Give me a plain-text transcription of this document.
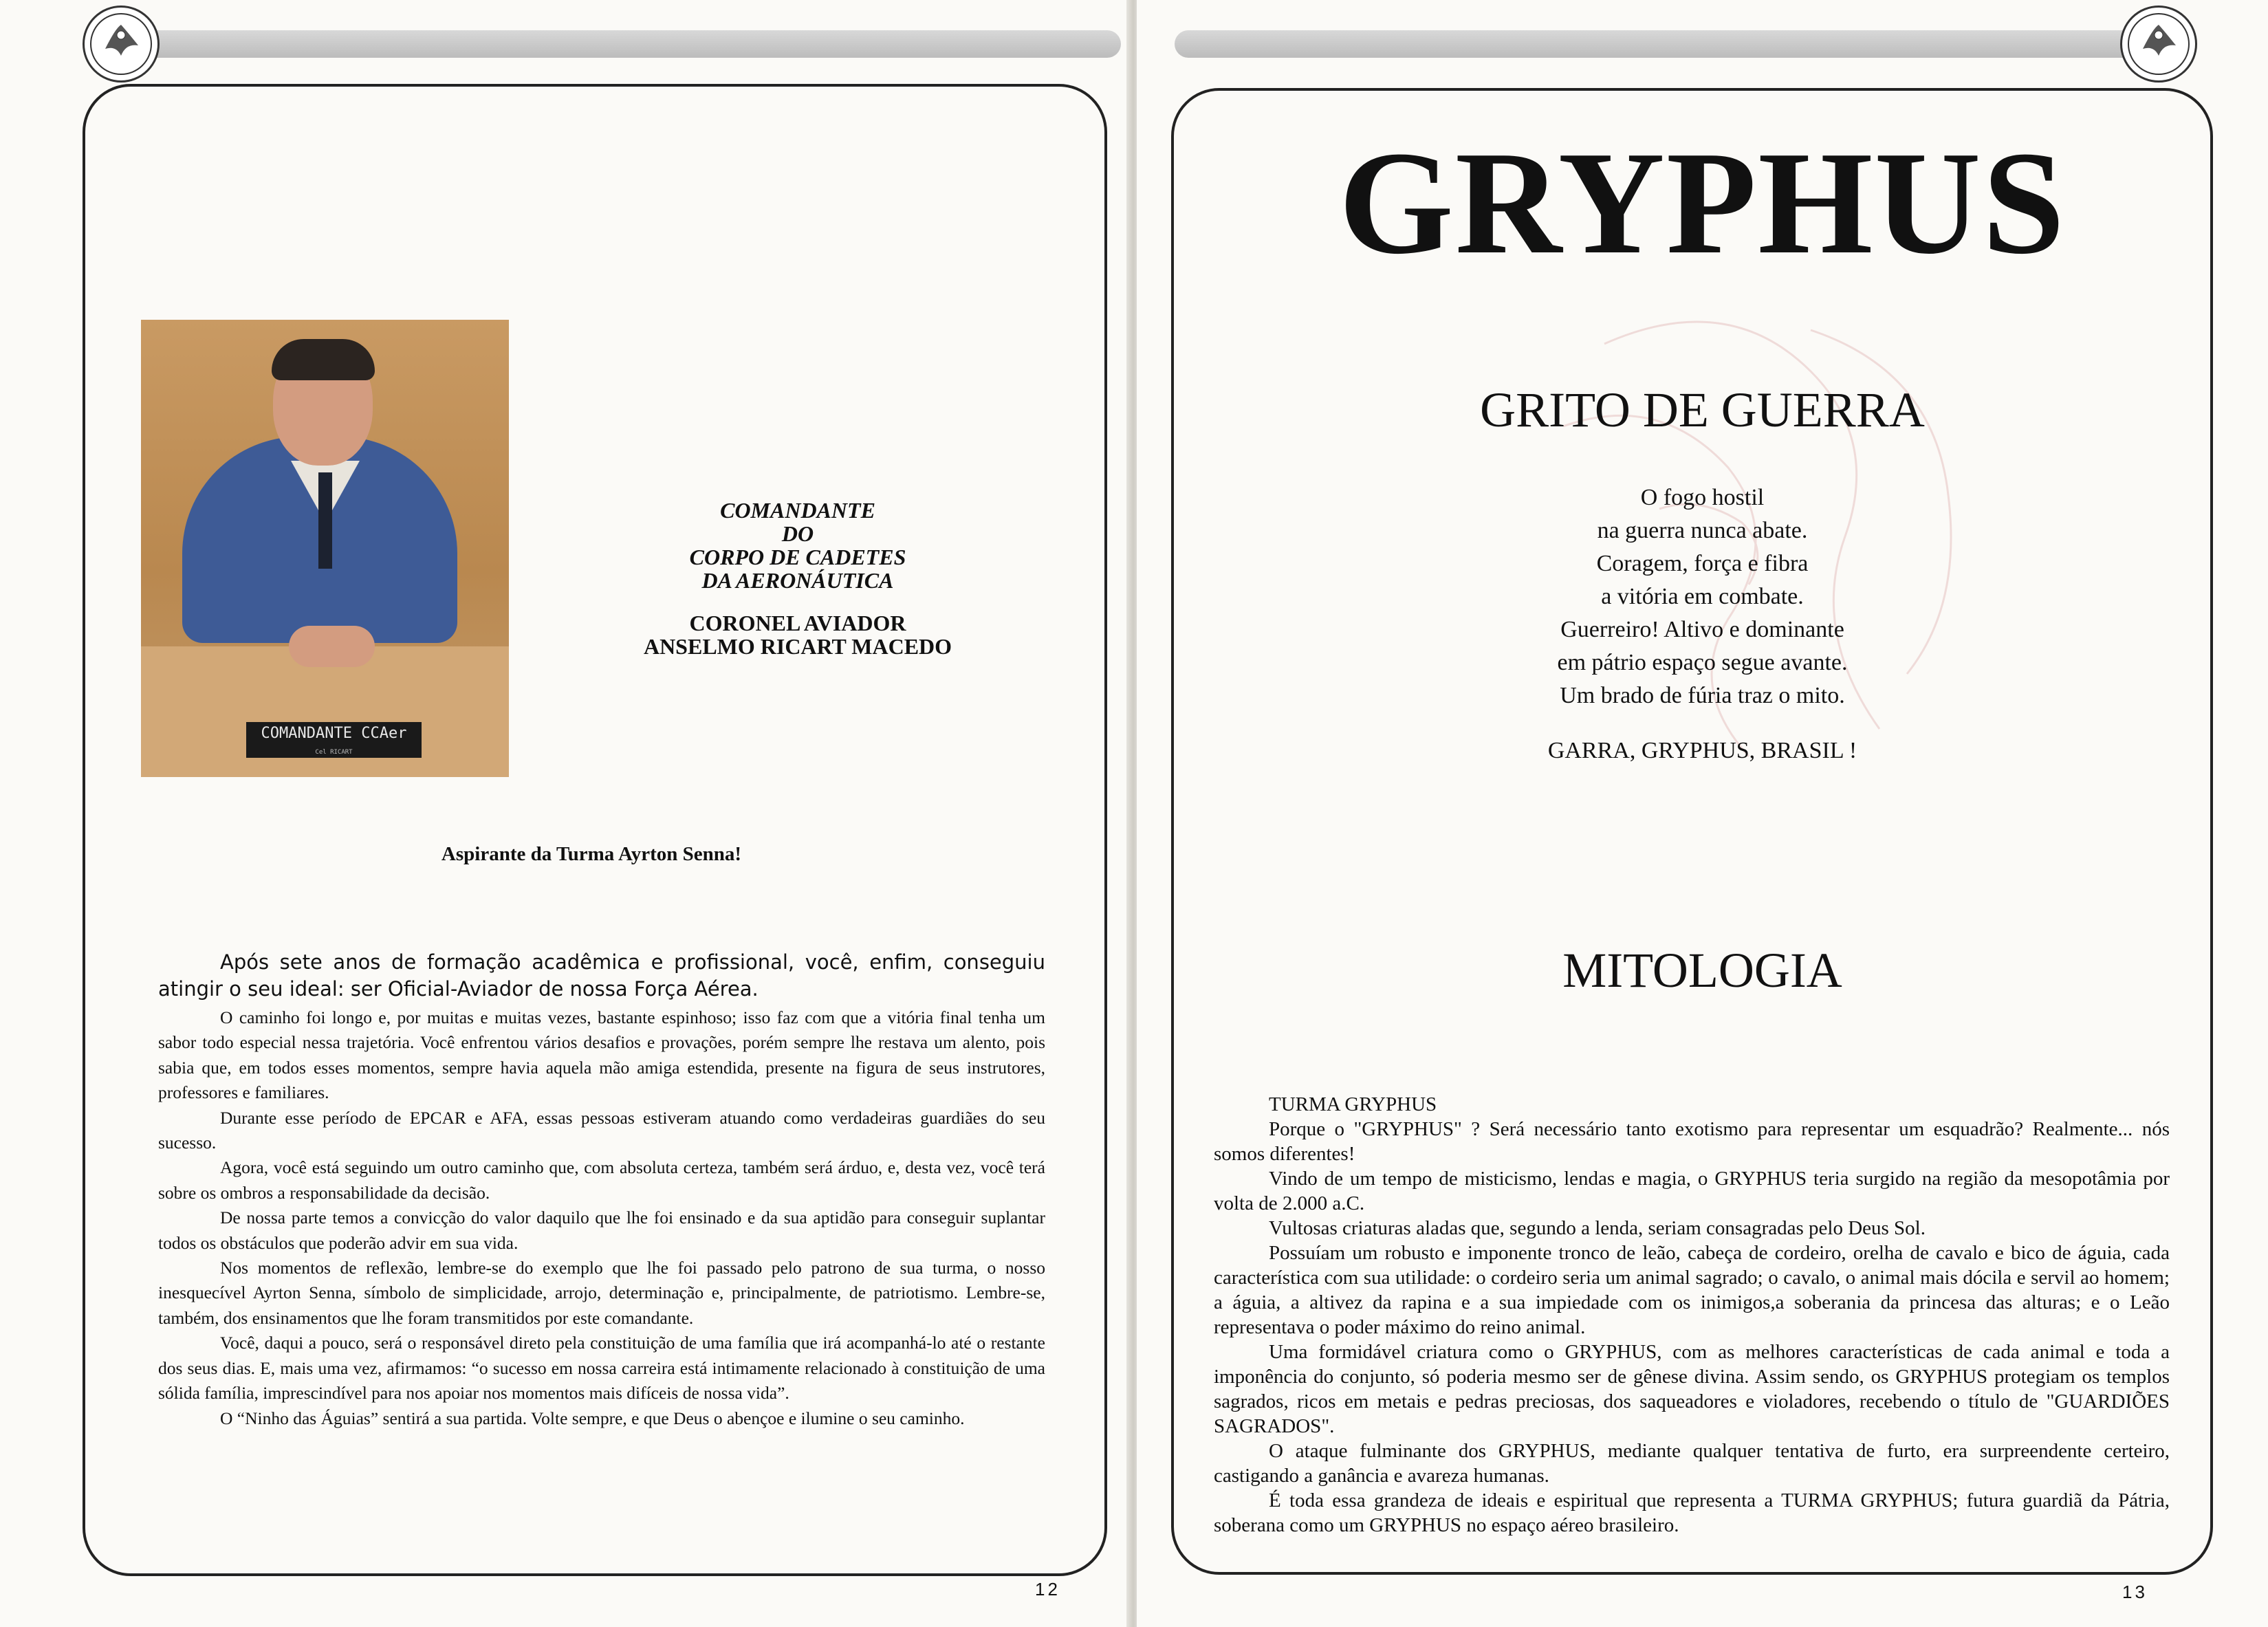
COMANDANTE CCAer
Cel RICART
COMANDANTE
DO
CORPO DE CADETES
DA AERONÁUTICA
CORONEL AVIADOR
ANSELMO RICART MACEDO
Aspirante da Turma Ayrton Senna!

Após sete anos de formação acadêmica e profissional, você, enfim, conseguiu atingir o seu ideal: ser Oficial-Aviador de nossa Força Aérea.

O caminho foi longo e, por muitas e muitas vezes, bastante espinhoso; isso faz com que a vitória final tenha um sabor todo especial nessa trajetória. Você enfrentou vários desafios e provações, porém sempre lhe restava um alento, pois sabia que, em todos esses momentos, sempre havia aquela mão amiga estendida, presente na figura de seus instrutores, professores e familiares.

Durante esse período de EPCAR e AFA, essas pessoas estiveram atuando como verdadeiras guardiães do seu sucesso.

Agora, você está seguindo um outro caminho que, com absoluta certeza, também será árduo, e, desta vez, você terá sobre os ombros a responsabilidade da decisão.

De nossa parte temos a convicção do valor daquilo que lhe foi ensinado e da sua aptidão para conseguir suplantar todos os obstáculos que poderão advir em sua vida.

Nos momentos de reflexão, lembre-se do exemplo que lhe foi passado pelo patrono de sua turma, o nosso inesquecível Ayrton Senna, símbolo de simplicidade, arrojo, determinação e, principalmente, de patriotismo. Lembre-se, também, dos ensinamentos que lhe foram transmitidos por este comandante.

Você, daqui a pouco, será o responsável direto pela constituição de uma família que irá acompanhá-lo até o restante dos seus dias. E, mais uma vez, afirmamos: “o sucesso em nossa carreira está intimamente relacionado à constituição de uma sólida família, imprescindível para nos apoiar nos momentos mais difíceis de nossa vida”.

O “Ninho das Águias” sentirá a sua partida. Volte sempre, e que Deus o abençoe e ilumine o seu caminho.

12
GRYPHUS
GRITO DE GUERRA
O fogo hostil
na guerra nunca abate.
Coragem, força e fibra
a vitória em combate.
Guerreiro! Altivo e dominante
em pátrio espaço segue avante.
Um brado de fúria traz o mito.
GARRA, GRYPHUS, BRASIL !
MITOLOGIA
TURMA GRYPHUS

Porque o "GRYPHUS" ? Será necessário tanto exotismo para representar um esquadrão? Realmente... nós somos diferentes!

Vindo de um tempo de misticismo, lendas e magia, o GRYPHUS teria surgido na região da mesopotâmia por volta de 2.000 a.C.

Vultosas criaturas aladas que, segundo a lenda, seriam consagradas pelo Deus Sol.

Possuíam um robusto e imponente tronco de leão, cabeça de cordeiro, orelha de cavalo e bico de águia, cada característica com sua utilidade: o cordeiro seria um animal sagrado; o cavalo, o animal mais dócila e servil ao homem; a águia, a altivez da rapina e a sua impiedade com os inimigos,a soberania da princesa das alturas; e o Leão representava o poder máximo do reino animal.

Uma formidável criatura como o GRYPHUS, com as melhores características de cada animal e toda a imponência do conjunto, só poderia mesmo ser de gênese divina. Assim sendo, os GRYPHUS protegiam os templos sagrados, ricos em metais e pedras preciosas, dos saqueadores e violadores, recebendo o título de "GUARDIÕES SAGRADOS".

O ataque fulminante dos GRYPHUS, mediante qualquer tentativa de furto, era surpreendente certeiro, castigando a ganância e avareza humanas.

É toda essa grandeza de ideais e espiritual que representa a TURMA GRYPHUS; futura guardiã da Pátria, soberana como um GRYPHUS no espaço aéreo brasileiro.

13
